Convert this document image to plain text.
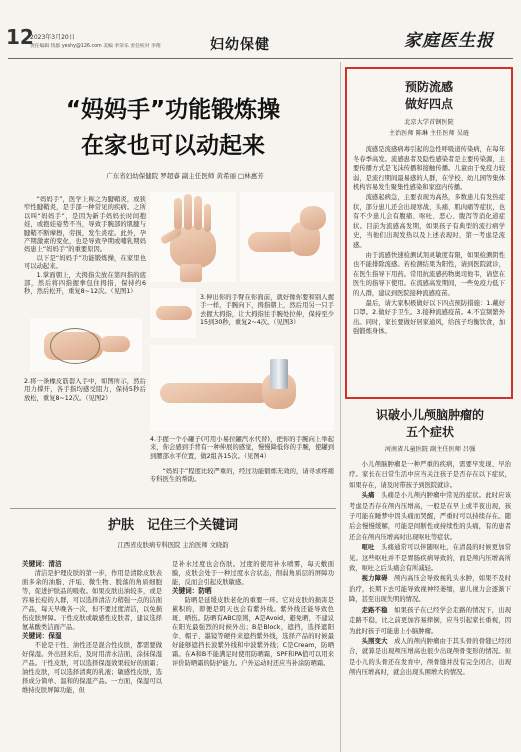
12
2023年3月20日
责任编辑 钱群 yeshy@126.com 美编 李荣乐 责任校对 李翔	妇幼保健	家庭医生报
“妈妈手”功能锻炼操
在家也可以动起来
广东省妇幼保健院 罗超睿 副主任医师 黄希丽 □林惠芳

“妈妈手”，医学上称之为腱鞘炎，或狭窄性腱鞘炎，是手部一种常见的疾病。之所以叫“妈妈手”，是因为新手妈妈长时间抱娃，或抱娃姿势不当，导致手腕部的肌腱与腱鞘不断摩擦，劳损，发生炎症。此外，孕产期激素的变化，也是导致孕期或哺乳期妈妈患上“妈妈手”的重要原因。

以下是“妈妈手”功能锻炼操，在家里也可以动起来。

1.掌面朝上，大拇指尖放在第四指的底部，然后将四指握拳包住拇指，保持约6秒，然后松开，重复8~12次。（见图1）

3.伸出你的手臂在你面前，就好像你要和别人握手一样，手腕向下，拇指朝上，然后用另一只手去握大拇指，让大拇指往手腕处拉伸，保持至少15到30秒，重复2~4次。（见图3）

2.将一条橡皮筋套入手中，如图所示，然后用力撑开，各手指均感受阻力，保持5秒后放松，重复8~12次。（见图2）

4.手握一个小罐子(可用小易拉罐汽水代替)，把你的手腕向上举起来，你会感到手背有一种伸展的感觉，慢慢降低你的手腕，使罐到到腰部水平位置，做2组各15次。（见图4）

“妈妈手”程度比较严重的，经过功能锻炼无效的，请寻求疼痛专科医生的帮助。

护肤　记住三个关键词
江西省皮肤病专科医院 主治医师 文晓韵
关键词：清洁

清洁是护理皮肤的第一步，作用是清除皮肤表面多余的油脂、汗垢、微生物、脱落的角质细胞等，促进护肤品的吸收。如果皮肤出油较多，或是容易长痘的人群，可以选择清洁力稍强一点的洁面产品，每天早晚各一次，但不要过度清洁，以免损伤皮肤屏障。干性皮肤或敏感性皮肤者，建议选择氨基酸类洁面产品。

关键词：保湿

不论是干性、油性还是混合性皮肤，都需要做好保湿。外出回来后，及时用清水洁面，涂抹保湿产品。干性皮肤，可以选择保湿效果较好的面霜；油性皮肤，可以选择清爽的乳液；敏感性皮肤，选择成分简单、温和的保湿产品。一方面，保湿可以维持皮肤屏障功能，但

是补水过度也会伤肤。过度的使用补水喷雾，每天敷面膜，皮肤会处于一种过度水合状态，削弱角质层的屏障功能，反而会引起皮肤敏感。

关键词：防晒

防晒是延缓皮肤老化的重要一环。它对皮肤的损害是累积的，即便是阴天也会有紫外线。紫外线还能导致色斑、晒伤。防晒有ABC原则，A是Avoid，避免晒，不建议在阳光最强烈的时候外出；B是Block，遮挡，选择遮阳伞、帽子、墨镜等硬件来遮挡紫外线，选择产品的时候最好能够遮挡长波紫外线和中波紫外线；C是Cream，防晒霜。在A和B不能满足时使用防晒霜，SPF和PA值可以用来评价防晒霜的防护能力。户外运动时还应当补涂防晒霜。

预防流感
做好四点
北京大学首钢医院
主治医师 陈琳 主任医师 吴琏

流感是流感病毒引起的急性呼吸道传染病，在每年冬春季高发。流感患者及隐性感染者是主要传染源，主要传播方式是飞沫传播和接触传播。儿童由于免疫力较弱，是流行期间最易感的人群，在学校、幼儿园等集体机构容易发生聚集性感染和家庭内传播。

流感起病急，主要表现为高热，多数患儿有发热症状，部分患儿还会出现寒战、头痛、肌肉痛等症状，也有不少患儿会有腹痛、呕吐、恶心、腹泻等消化道症状。目前为流感高发期，如果孩子有典型的流行病学史，当他们出现发热以及上述表现时，第一考虑是流感。

由于流感快速检测试剂灵敏度有限，如果检测阴性也不能排除流感。若检测结果为阳性，请到医院就诊，在医生指导下用药。常用抗流感药物奥司他韦，请您在医生的指导下使用。在流感高发期间，一些免疫力低下的人群，建议到医院接种流感疫苗。

最后，请大家积极做好以下四点预防措施：1.戴好口罩。2.做好手卫生。3.接种流感疫苗。4.不宜频繁外出。同时，家长要做好居家通风，给孩子均衡饮食，加强锻炼身体。

识破小儿颅脑肿瘤的
五个症状
河南省儿童医院 副主任医师 吕强

小儿颅脑肿瘤是一种严重的疾病，需要早发现、早治疗。家长在日常生活中应当关注孩子是否存在以下症状，如果存在，请及时带孩子到医院就诊。

头痛　 头痛是小儿颅内肿瘤中常见的症状。此时应该考虑是否存在颅内压增高，一般是在早上或半夜出现，孩子可能在睡梦中因头痛而哭醒，严重时可以持续存在。随后会慢慢缓解，可能是间断性或持续性的头痛，有的患者还会在颅内压增高时出现呕吐等症状。

呕吐　 头痛通常可以伴随呕吐，在清晨的时候更加常见。这些呕吐并不是胃肠疾病导致的，而是颅内压增高所致，呕吐之后头痛会有所减轻。

视力障碍　 颅内高压会导致视乳头水肿，如果不及时治疗，长期下去可能导致视神经萎缩，患儿视力会逐渐下降，甚至出现失明的情况。

走路不稳　 如果孩子在已经学会走路的情况下，出现走路不稳，比之前更加容易摔倒，应当引起家长重视，因为此时孩子可能患上小脑肿瘤。

头围变大　 成人的颅内肿瘤由于其头骨的骨缝已经闭合，就算是出现颅压增高也很少出现颅骨变形的情况。但是小儿的头骨还在发育中，颅骨缝并没有完全闭合，出现颅内压增高时，就会出现头围增大的情况。
